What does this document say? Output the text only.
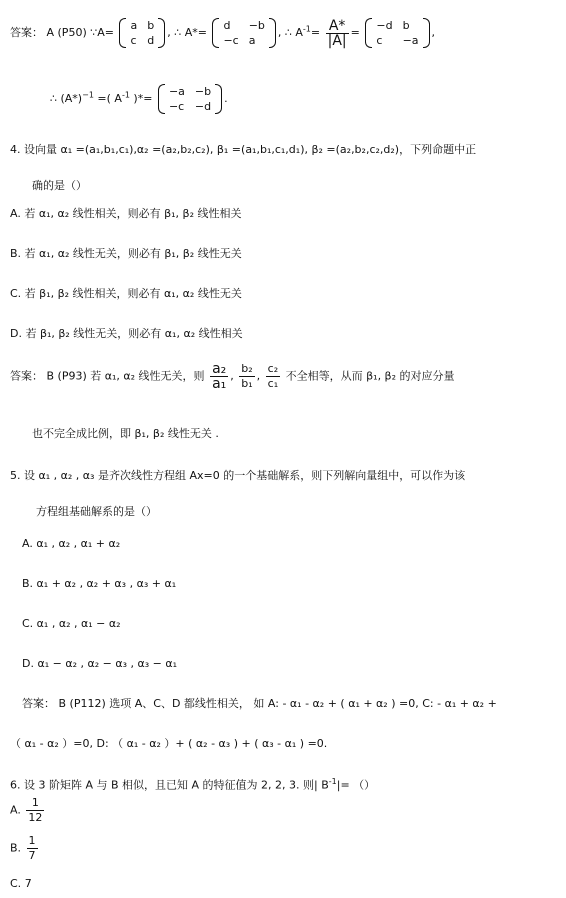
答案： A (P50) ∵A=
a	b
c	d
, ∴ A*=
d	−b
−c	a
, ∴ $A^{-1}= \frac{A*}{|A|}$ =
−d	b
c	−a
,
∴ $(A*)^{-1}$ =( $A^{-1}$ )*=
−a	−b
−c	−d
.
4. 设向量 α₁ =(a₁,b₁,c₁),α₂ =(a₂,b₂,c₂), β₁ =(a₁,b₁,c₁,d₁), β₂ =(a₂,b₂,c₂,d₂)，下列命题中正
确的是（）
A. 若 α₁, α₂ 线性相关，则必有 β₁, β₂ 线性相关
B. 若 α₁, α₂ 线性无关，则必有 β₁, β₂ 线性无关
C. 若 β₁, β₂ 线性相关，则必有 α₁, α₂ 线性无关
D. 若 β₁, β₂ 线性无关，则必有 α₁, α₂ 线性相关
答案： B (P93) 若 α₁, α₂ 线性无关，则 $\frac{\text{a₂}}{\text{a₁}}$ , $\frac{\text{b₂}}{\text{b₁}}$ , $\frac{\text{c₂}}{\text{c₁}}$ 不全相等，从而 β₁, β₂ 的对应分量
也不完全成比例，即 β₁, β₂ 线性无关 .
5. 设 α₁ , α₂ , α₃ 是齐次线性方程组 Ax=0 的一个基础解系，则下列解向量组中，可以作为该
方程组基础解系的是（）
A. α₁ , α₂ , α₁ + α₂
B. α₁ + α₂ , α₂ + α₃ , α₃ + α₁
C. α₁ , α₂ , α₁ − α₂
D. α₁ − α₂ , α₂ − α₃ , α₃ − α₁
答案： B (P112) 选项 A、C、D 都线性相关， 如 A: - α₁ - α₂ + ( α₁ + α₂ ) =0, C: - α₁ + α₂ +
（ α₁ - α₂ ）=0, D: （ α₁ - α₂ ）+ ( α₂ - α₃ ) + ( α₃ - α₁ ) =0.
6. 设 3 阶矩阵 A 与 B 相似，且已知 A 的特征值为 2, 2, 3. 则| $B^{-1}|=$ （）
A. $\frac{1}{12}$
B. $\frac{1}{7}$
C. 7
